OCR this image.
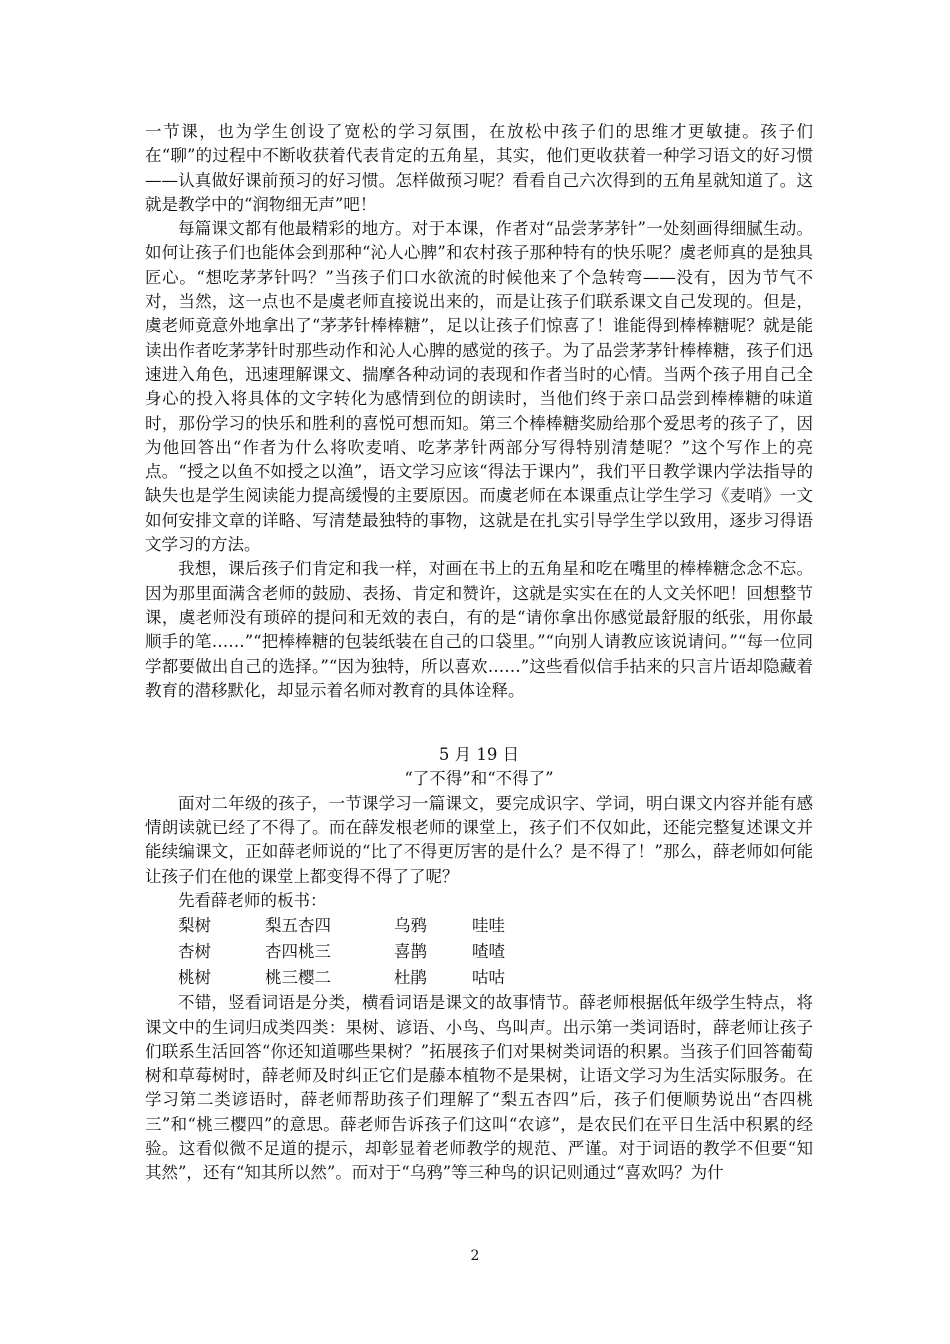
一节课，也为学生创设了宽松的学习氛围，在放松中孩子们的思维才更敏捷。孩子们在“聊”的过程中不断收获着代表肯定的五角星，其实，他们更收获着一种学习语文的好习惯——认真做好课前预习的好习惯。怎样做预习呢？看看自己六次得到的五角星就知道了。这就是教学中的“润物细无声”吧！

每篇课文都有他最精彩的地方。对于本课，作者对“品尝茅茅针”一处刻画得细腻生动。如何让孩子们也能体会到那种“沁人心脾”和农村孩子那种特有的快乐呢？虞老师真的是独具匠心。“想吃茅茅针吗？”当孩子们口水欲流的时候他来了个急转弯——没有，因为节气不对，当然，这一点也不是虞老师直接说出来的，而是让孩子们联系课文自己发现的。但是，虞老师竟意外地拿出了“茅茅针棒棒糖”，足以让孩子们惊喜了！谁能得到棒棒糖呢？就是能读出作者吃茅茅针时那些动作和沁人心脾的感觉的孩子。为了品尝茅茅针棒棒糖，孩子们迅速进入角色，迅速理解课文、揣摩各种动词的表现和作者当时的心情。当两个孩子用自己全身心的投入将具体的文字转化为感情到位的朗读时，当他们终于亲口品尝到棒棒糖的味道时，那份学习的快乐和胜利的喜悦可想而知。第三个棒棒糖奖励给那个爱思考的孩子了，因为他回答出“作者为什么将吹麦哨、吃茅茅针两部分写得特别清楚呢？”这个写作上的亮点。“授之以鱼不如授之以渔”，语文学习应该“得法于课内”，我们平日教学课内学法指导的缺失也是学生阅读能力提高缓慢的主要原因。而虞老师在本课重点让学生学习《麦哨》一文如何安排文章的详略、写清楚最独特的事物，这就是在扎实引导学生学以致用，逐步习得语文学习的方法。

我想，课后孩子们肯定和我一样，对画在书上的五角星和吃在嘴里的棒棒糖念念不忘。因为那里面满含老师的鼓励、表扬、肯定和赞许，这就是实实在在的人文关怀吧！回想整节课，虞老师没有琐碎的提问和无效的表白，有的是“请你拿出你感觉最舒服的纸张，用你最顺手的笔……”“把棒棒糖的包装纸装在自己的口袋里。”“向别人请教应该说请问。”“每一位同学都要做出自己的选择。”“因为独特，所以喜欢……”这些看似信手拈来的只言片语却隐藏着教育的潜移默化，却显示着名师对教育的具体诠释。

5 月 19 日

“了不得”和“不得了”

面对二年级的孩子，一节课学习一篇课文，要完成识字、学词，明白课文内容并能有感情朗读就已经了不得了。而在薛发根老师的课堂上，孩子们不仅如此，还能完整复述课文并能续编课文，正如薛老师说的“比了不得更厉害的是什么？是不得了！”那么，薛老师如何能让孩子们在他的课堂上都变得不得了了呢？

先看薛老师的板书：

梨树	梨五杏四	乌鸦	哇哇
杏树	杏四桃三	喜鹊	喳喳
桃树	桃三樱二	杜鹃	咕咕

不错，竖看词语是分类，横看词语是课文的故事情节。薛老师根据低年级学生特点，将课文中的生词归成类四类：果树、谚语、小鸟、鸟叫声。出示第一类词语时，薛老师让孩子们联系生活回答“你还知道哪些果树？”拓展孩子们对果树类词语的积累。当孩子们回答葡萄树和草莓树时，薛老师及时纠正它们是藤本植物不是果树，让语文学习为生活实际服务。在学习第二类谚语时，薛老师帮助孩子们理解了“梨五杏四”后，孩子们便顺势说出“杏四桃三”和“桃三樱四”的意思。薛老师告诉孩子们这叫“农谚”，是农民们在平日生活中积累的经验。这看似微不足道的提示，却彰显着老师教学的规范、严谨。对于词语的教学不但要“知其然”，还有“知其所以然”。而对于“乌鸦”等三种鸟的识记则通过“喜欢吗？为什

2
